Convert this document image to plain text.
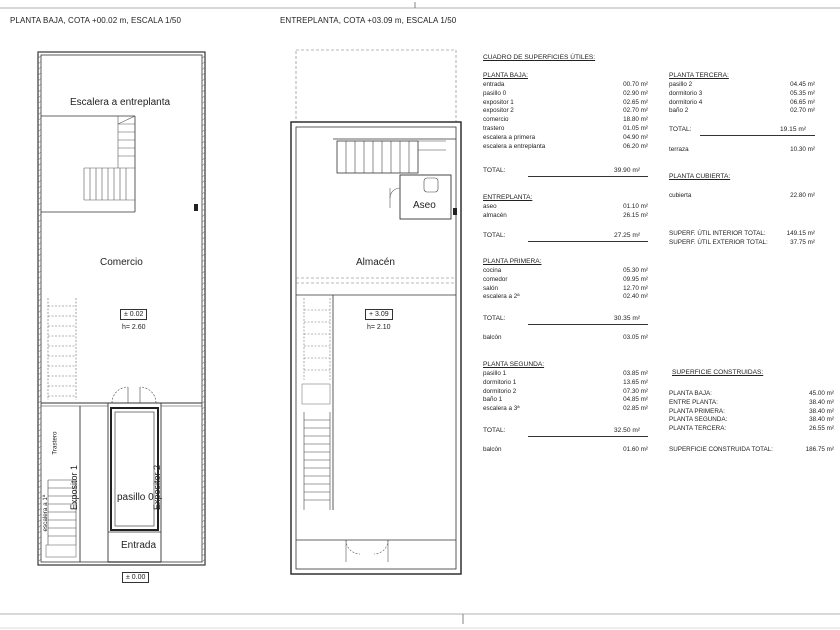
PLANTA BAJA, COTA +00.02 m, ESCALA 1/50	ENTREPLANTA, COTA +03.09 m, ESCALA 1/50
Escalera a entreplanta
Comercio
± 0.02
h= 2.60
pasillo 0
Entrada
Expositor 1	Expositor 2
Trastero
escalera a 1ª
± 0.00
Aseo
Almacén
+ 3.09
h= 2.10
CUADRO DE SUPERFICIES ÚTILES:
PLANTA BAJA:
entrada	00.70 m²
pasillo 0	02.90 m²
expositor 1	02.65 m²
expositor 2	02.70 m²
comercio	18.80 m²
trastero	01.05 m²
escalera a primera	04.90 m²
escalera a entreplanta	06.20 m²
TOTAL:	39.90 m²
ENTREPLANTA:
aseo	01.10 m²
almacén	26.15 m²
TOTAL:	27.25 m²
PLANTA PRIMERA:
cocina	05.30 m²
comedor	09.95 m²
salón	12.70 m²
escalera a 2ª	02.40 m²
TOTAL:	30.35 m²
balcón	03.05 m²
PLANTA SEGUNDA:
pasillo 1	03.85 m²
dormitorio 1	13.65 m²
dormitorio 2	07.30 m²
baño 1	04.85 m²
escalera a 3ª	02.85 m²
TOTAL:	32.50 m²
balcón	01.60 m²
PLANTA TERCERA:
pasillo 2	04.45 m²
dormitorio 3	05.35 m²
dormitorio 4	06.65 m²
baño 2	02.70 m²
TOTAL:	19.15 m²
terraza	10.30 m²
PLANTA CUBIERTA:
cubierta	22.80 m²
SUPERF. ÚTIL INTERIOR TOTAL:	149.15 m²
SUPERF. ÚTIL EXTERIOR TOTAL:	37.75 m²
SUPERFICIE CONSTRUIDAS:
PLANTA BAJA:	45.00 m²
ENTRE PLANTA:	38.40 m²
PLANTA PRIMERA:	38.40 m²
PLANTA SEGUNDA:	38.40 m²
PLANTA TERCERA:	26.55 m²
SUPERFICIE CONSTRUIDA TOTAL:	186.75 m²
